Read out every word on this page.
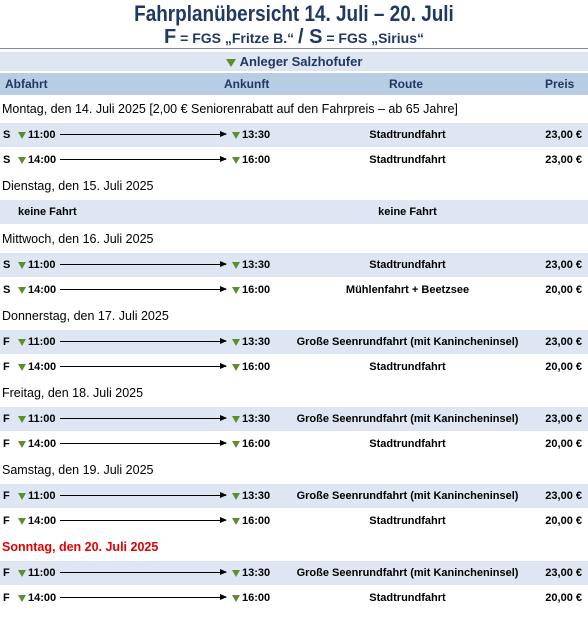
Fahrplanübersicht 14. Juli – 20. Juli
F = FGS „Fritze B.“ / S = FGS „Sirius“
Anleger Salzhofufer
Abfahrt	Ankunft	Route	Preis
Montag, den 14. Juli 2025 [2,00 € Seniorenrabatt auf den Fahrpreis – ab 65 Jahre]
S	11:00	13:30	Stadtrundfahrt	23,00 €
S	14:00	16:00	Stadtrundfahrt	23,00 €
Dienstag, den 15. Juli 2025
keine Fahrt	keine Fahrt
Mittwoch, den 16. Juli 2025
S	11:00	13:30	Stadtrundfahrt	23,00 €
S	14:00	16:00	Mühlenfahrt + Beetzsee	20,00 €
Donnerstag, den 17. Juli 2025
F	11:00	13:30	Große Seenrundfahrt (mit Kanincheninsel)	23,00 €
F	14:00	16:00	Stadtrundfahrt	20,00 €
Freitag, den 18. Juli 2025
F	11:00	13:30	Große Seenrundfahrt (mit Kanincheninsel)	23,00 €
F	14:00	16:00	Stadtrundfahrt	20,00 €
Samstag, den 19. Juli 2025
F	11:00	13:30	Große Seenrundfahrt (mit Kanincheninsel)	23,00 €
F	14:00	16:00	Stadtrundfahrt	20,00 €
Sonntag, den 20. Juli 2025
F	11:00	13:30	Große Seenrundfahrt (mit Kanincheninsel)	23,00 €
F	14:00	16:00	Stadtrundfahrt	20,00 €
